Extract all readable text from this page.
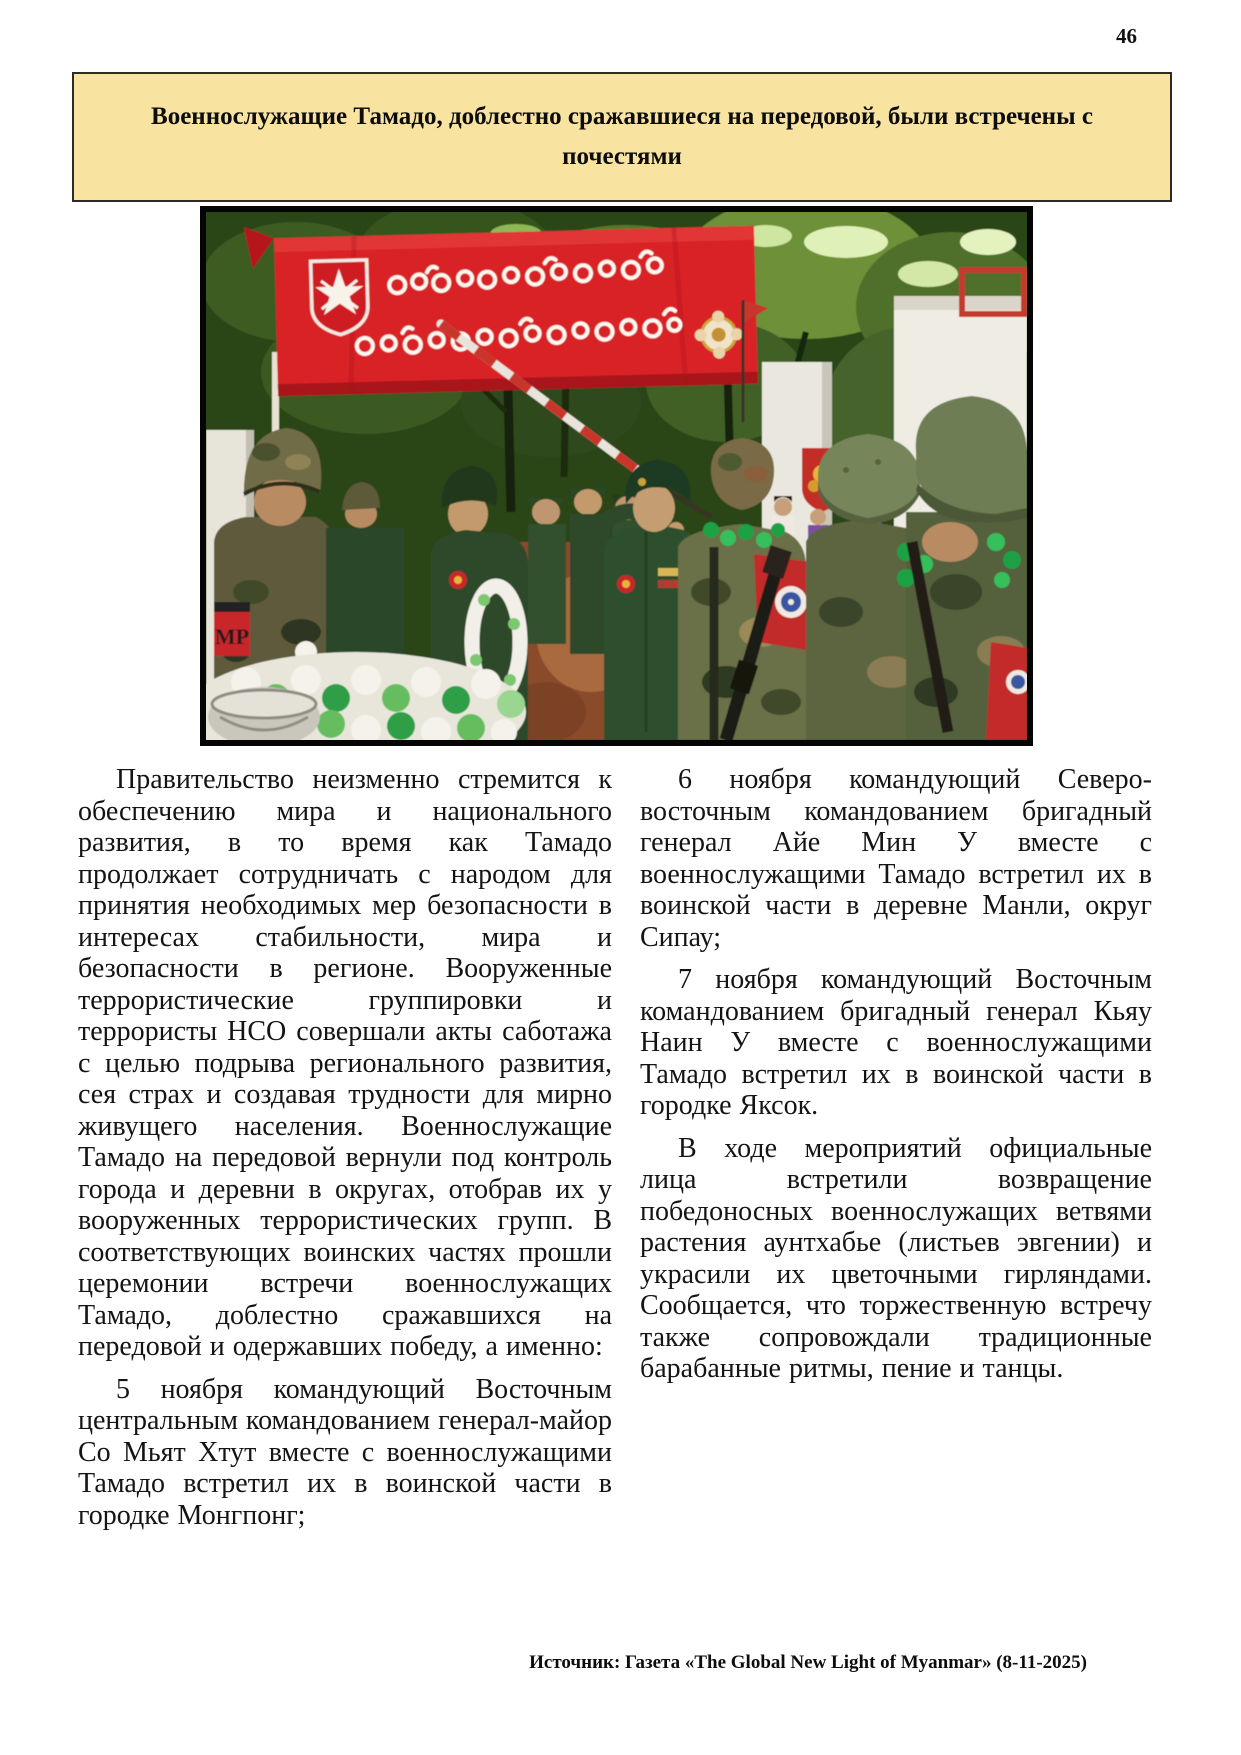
46
Военнослужащие Тамадо, доблестно сражавшиеся на передовой, были встречены с почестями
MP

Правительство неизменно стремится к обеспечению мира и национального развития, в то время как Тамадо продолжает сотрудничать с народом для принятия необходимых мер безопасности в интересах стабильности, мира и безопасности в регионе. Вооруженные террористические группировки и террористы НСО совершали акты саботажа с целью подрыва регионального развития, сея страх и создавая трудности для мирно живущего населения. Военнослужащие Тамадо на передовой вернули под контроль города и деревни в округах, отобрав их у вооруженных террористических групп. В соответствующих воинских частях прошли церемонии встречи военнослужащих Тамадо, доблестно сражавшихся на передовой и одержавших победу, а именно:

5 ноября командующий Восточным центральным командованием генерал-майор Со Мьят Хтут вместе с военнослужащими Тамадо встретил их в воинской части в городке Монгпонг;

6 ноября командующий Северо-восточным командованием бригадный генерал Айе Мин У вместе с военнослужащими Тамадо встретил их в воинской части в деревне Манли, округ Сипау;

7 ноября командующий Восточным командованием бригадный генерал Кьяу Наин У вместе с военнослужащими Тамадо встретил их в воинской части в городке Яксок.

В ходе мероприятий официальные лица встретили возвращение победоносных военнослужащих ветвями растения аунтхабье (листьев эвгении) и украсили их цветочными гирляндами. Сообщается, что торжественную встречу также сопровождали традиционные барабанные ритмы, пение и танцы.

Источник: Газета «The Global New Light of Myanmar» (8-11-2025)
